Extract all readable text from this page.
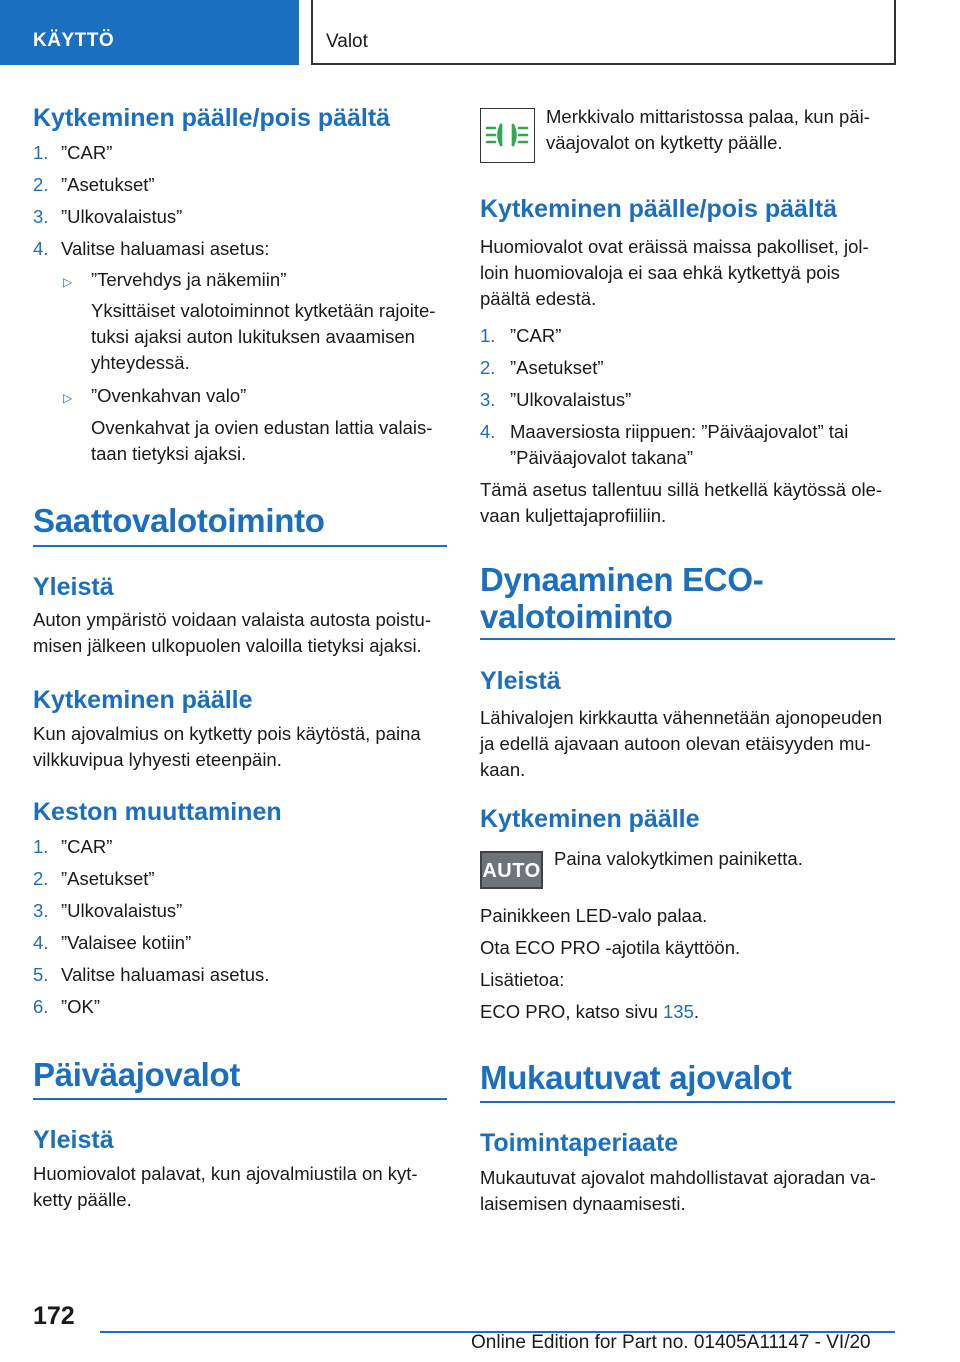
KÄYTTÖ	Valot
Kytkeminen päälle/pois päältä
1. ”CAR”
2. ”Asetukset”
3. ”Ulkovalaistus”
4. Valitse haluamasi asetus:
▷ ”Tervehdys ja näkemiin”
Yksittäiset valotoiminnot kytketään rajoite-
tuksi ajaksi auton lukituksen avaamisen
yhteydessä.
▷ ”Ovenkahvan valo”
Ovenkahvat ja ovien edustan lattia valais-
taan tietyksi ajaksi.
Saattovalotoiminto
Yleistä
Auton ympäristö voidaan valaista autosta poistu-
misen jälkeen ulkopuolen valoilla tietyksi ajaksi.
Kytkeminen päälle
Kun ajovalmius on kytketty pois käytöstä, paina
vilkkuvipua lyhyesti eteenpäin.
Keston muuttaminen
1. ”CAR”
2. ”Asetukset”
3. ”Ulkovalaistus”
4. ”Valaisee kotiin”
5. Valitse haluamasi asetus.
6. ”OK”
Päiväajovalot
Yleistä
Huomiovalot palavat, kun ajovalmiustila on kyt-
ketty päälle.
Merkkivalo mittaristossa palaa, kun päi-
väajovalot on kytketty päälle.
Kytkeminen päälle/pois päältä
Huomiovalot ovat eräissä maissa pakolliset, jol-
loin huomiovaloja ei saa ehkä kytkettyä pois
päältä edestä.
1. ”CAR”
2. ”Asetukset”
3. ”Ulkovalaistus”
4. Maaversiosta riippuen: ”Päiväajovalot” tai
”Päiväajovalot takana”
Tämä asetus tallentuu sillä hetkellä käytössä ole-
vaan kuljettajaprofiiliin.
Dynaaminen ECO-
valotoiminto
Yleistä
Lähivalojen kirkkautta vähennetään ajonopeuden
ja edellä ajavaan autoon olevan etäisyyden mu-
kaan.
Kytkeminen päälle
AUTO
Paina valokytkimen painiketta.
Painikkeen LED-valo palaa.
Ota ECO PRO -ajotila käyttöön.
Lisätietoa:
ECO PRO, katso sivu 135.
Mukautuvat ajovalot
Toimintaperiaate
Mukautuvat ajovalot mahdollistavat ajoradan va-
laisemisen dynaamisesti.
172
Online Edition for Part no. 01405A11147 - VI/20
